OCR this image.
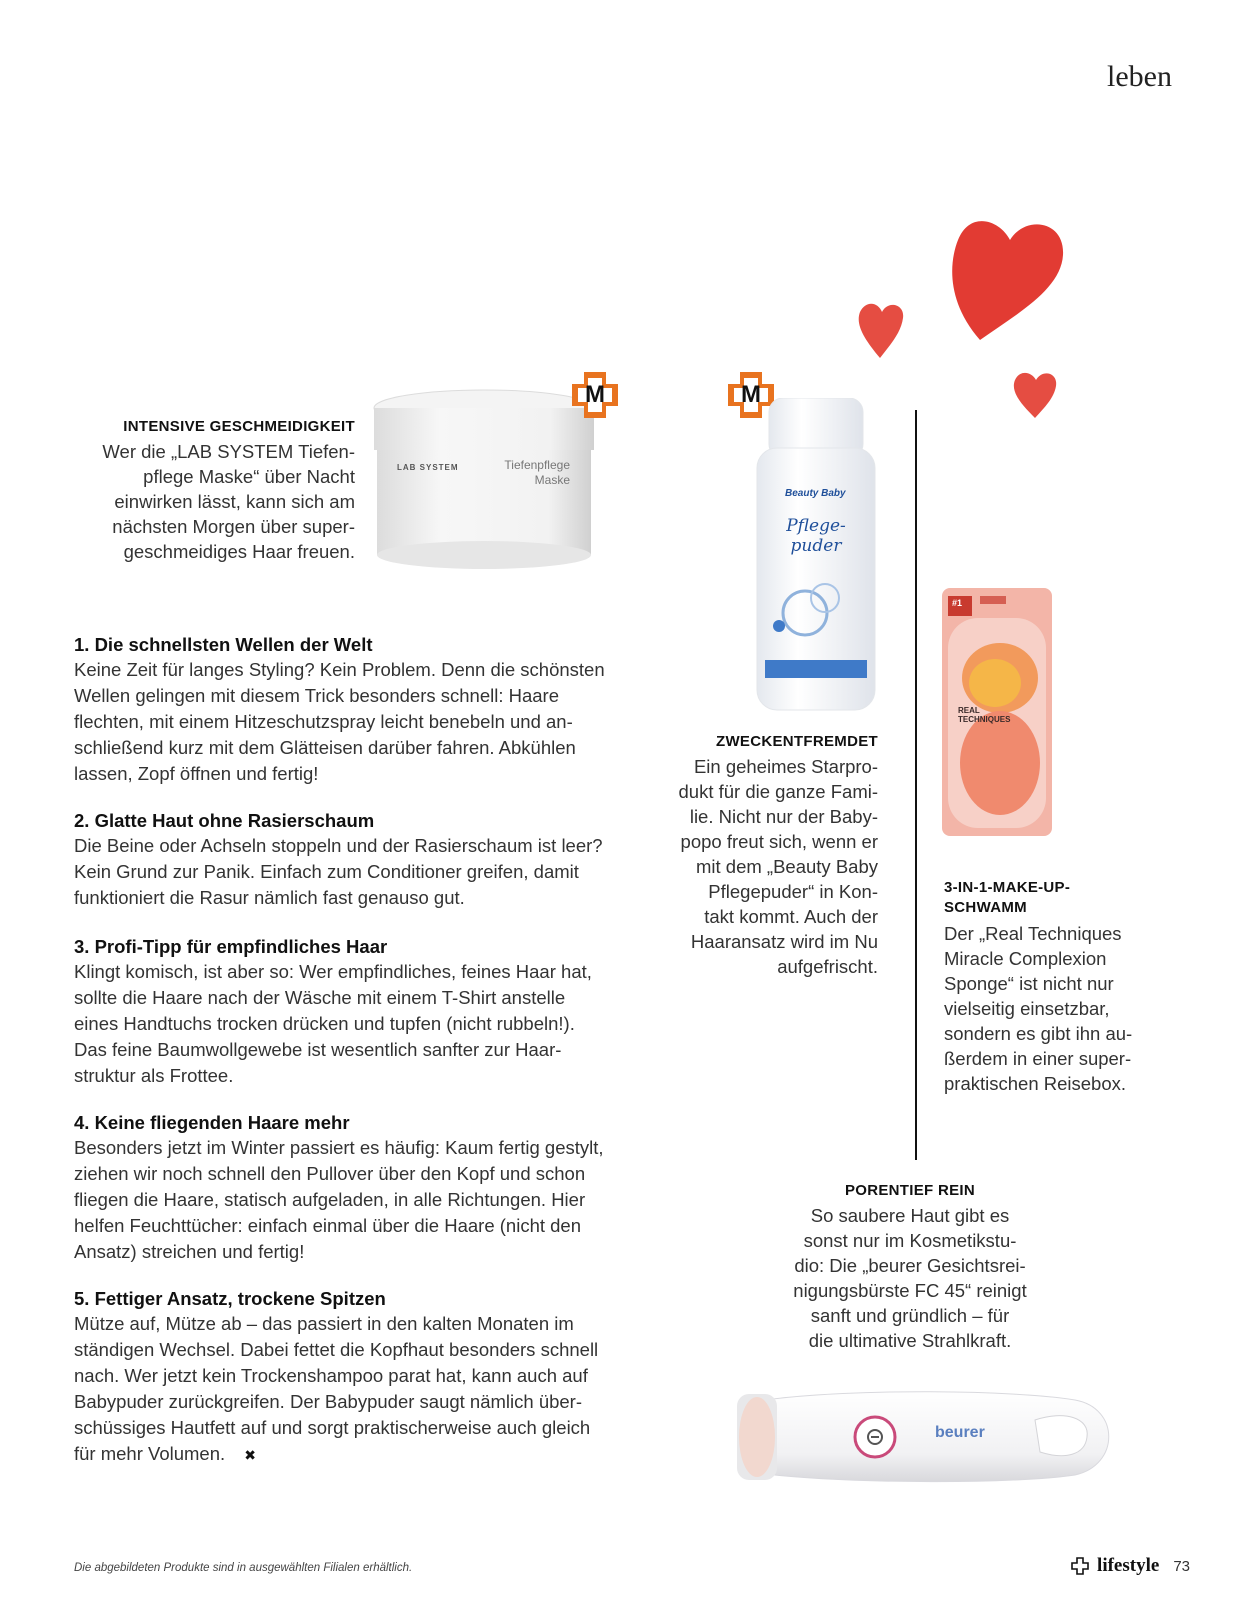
leben
LAB SYSTEM	Tiefenpflege Maske
M	M
INTENSIVE GESCHMEIDIGKEIT

Wer die „LAB SYSTEM Tiefen-
pflege Maske“ über Nacht
einwirken lässt, kann sich am
nächsten Morgen über super-
geschmeidiges Haar freuen.

Beauty Baby
Pflege-puder
ZWECKENTFREMDET

Ein geheimes Starpro-
dukt für die ganze Fami-
lie. Nicht nur der Baby-
popo freut sich, wenn er
mit dem „Beauty Baby
Pflegepuder“ in Kon-
takt kommt. Auch der
Haaransatz wird im Nu
aufgefrischt.

#1
REAL TECHNIQUES
3-IN-1-MAKE-UP-
SCHWAMM

Der „Real Techniques
Miracle Complexion
Sponge“ ist nicht nur
vielseitig einsetzbar,
sondern es gibt ihn au-
ßerdem in einer super-
praktischen Reisebox.

PORENTIEF REIN

So saubere Haut gibt es
sonst nur im Kosmetikstu-
dio: Die „beurer Gesichtsrei-
nigungsbürste FC 45“ reinigt
sanft und gründlich – für
die ultimative Strahlkraft.

beurer

1. Die schnellsten Wellen der Welt

Keine Zeit für langes Styling? Kein Problem. Denn die schönsten
Wellen gelingen mit diesem Trick besonders schnell: Haare
flechten, mit einem Hitzeschutzspray leicht benebeln und an-
schließend kurz mit dem Glätteisen darüber fahren. Abkühlen
lassen, Zopf öffnen und fertig!

2. Glatte Haut ohne Rasierschaum

Die Beine oder Achseln stoppeln und der Rasierschaum ist leer?
Kein Grund zur Panik. Einfach zum Conditioner greifen, damit
funktioniert die Rasur nämlich fast genauso gut.

3. Profi-Tipp für empfindliches Haar

Klingt komisch, ist aber so: Wer empfindliches, feines Haar hat,
sollte die Haare nach der Wäsche mit einem T-Shirt anstelle
eines Handtuchs trocken drücken und tupfen (nicht rubbeln!).
Das feine Baumwollgewebe ist wesentlich sanfter zur Haar-
struktur als Frottee.

4. Keine fliegenden Haare mehr

Besonders jetzt im Winter passiert es häufig: Kaum fertig gestylt,
ziehen wir noch schnell den Pullover über den Kopf und schon
fliegen die Haare, statisch aufgeladen, in alle Richtungen. Hier
helfen Feuchttücher: einfach einmal über die Haare (nicht den
Ansatz) streichen und fertig!

5. Fettiger Ansatz, trockene Spitzen

Mütze auf, Mütze ab – das passiert in den kalten Monaten im
ständigen Wechsel. Dabei fettet die Kopfhaut besonders schnell
nach. Wer jetzt kein Trockenshampoo parat hat, kann auch auf
Babypuder zurückgreifen. Der Babypuder saugt nämlich über-
schüssiges Hautfett auf und sorgt praktischerweise auch gleich
für mehr Volumen. ✖

Die abgebildeten Produkte sind in ausgewählten Filialen erhältlich.	lifestyle 73
